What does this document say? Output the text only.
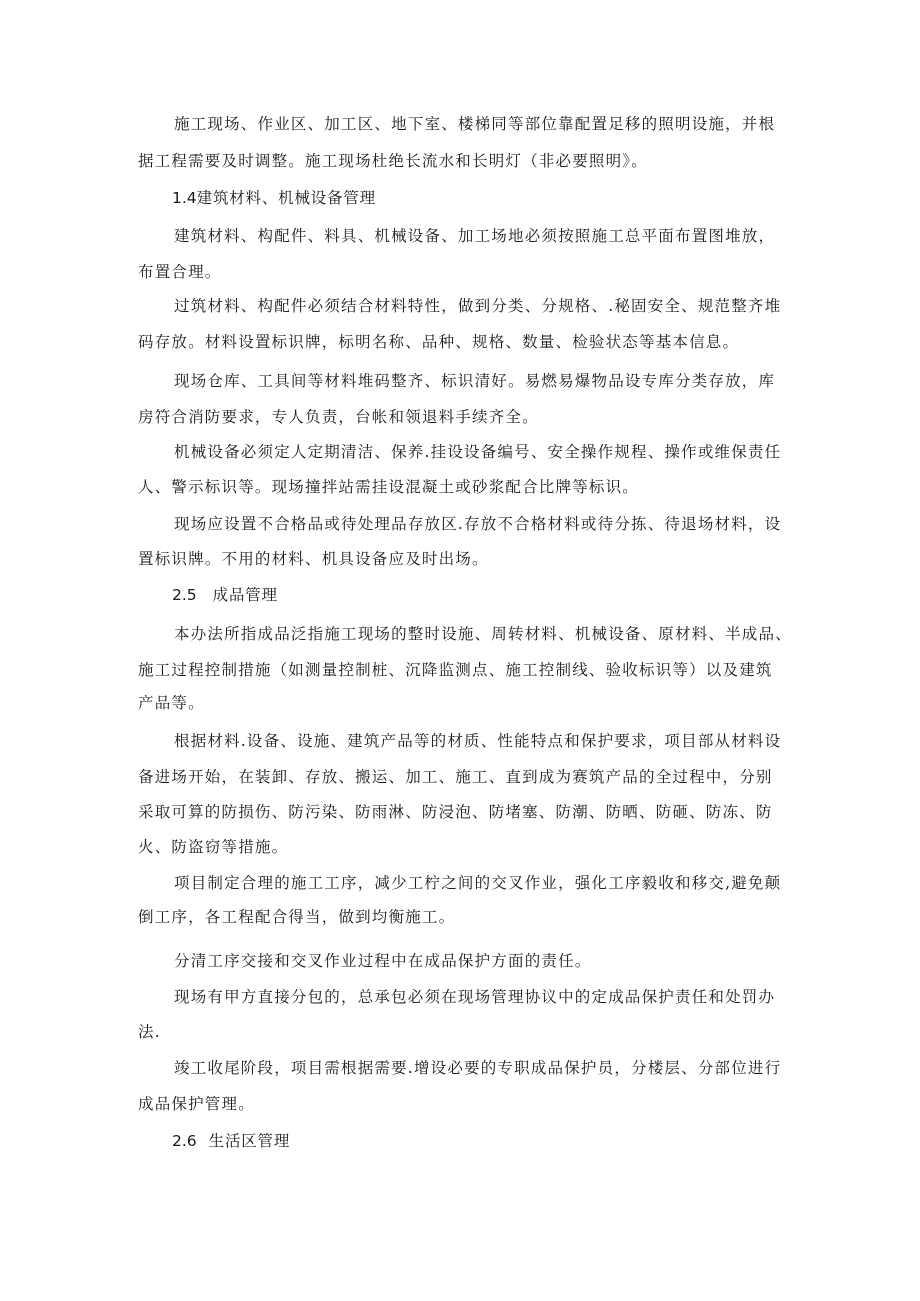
施工现场、作业区、加工区、地下室、楼梯同等部位靠配置足移的照明设施，并根
据工程需要及时调整。施工现场杜绝长流水和长明灯（非必要照明》。
1.4建筑材料、机械设备管理
建筑材料、构配件、料具、机械设备、加工场地必须按照施工总平面布置图堆放，
布置合理。
过筑材料、构配件必须结合材料特性，做到分类、分规格、.秘固安全、规范整齐堆
码存放。材料设置标识牌，标明名称、品种、规格、数量、检验状态等基本信息。
现场仓库、工具间等材料堆码整齐、标识清好。易燃易爆物品设专库分类存放，库
房符合消防要求，专人负责，台帐和领退料手续齐全。
机械设备必须定人定期清洁、保养.挂设设备编号、安全操作规程、操作或维保责任
人、警示标识等。现场撞拌站需挂设混凝土或砂浆配合比牌等标识。
现场应设置不合格品或待处理品存放区.存放不合格材料或待分拣、待退场材料，设
置标识牌。不用的材料、机具设备应及时出场。
2.5 成品管理
本办法所指成品泛指施工现场的整时设施、周转材料、机械设备、原材料、半成品、
施工过程控制措施（如测量控制桩、沉降监测点、施工控制线、验收标识等）以及建筑
产品等。
根据材料.设备、设施、建筑产品等的材质、性能特点和保护要求，项目部从材料设
备进场开始，在装卸、存放、搬运、加工、施工、直到成为赛筑产品的全过程中，分别
采取可算的防损伤、防污染、防雨淋、防浸泡、防堵塞、防潮、防晒、防砸、防冻、防
火、防盗窃等措施。
项目制定合理的施工工序，减少工柠之间的交叉作业，强化工序毅收和移交,避免颠
倒工序，各工程配合得当，做到均衡施工。
分清工序交接和交叉作业过程中在成品保护方面的责任。
现场有甲方直接分包的，总承包必须在现场管理协议中的定成品保护责任和处罚办
法.
竣工收尾阶段，项目需根据需要.增设必要的专职成品保护员，分楼层、分部位进行
成品保护管理。
2.6 生活区管理
